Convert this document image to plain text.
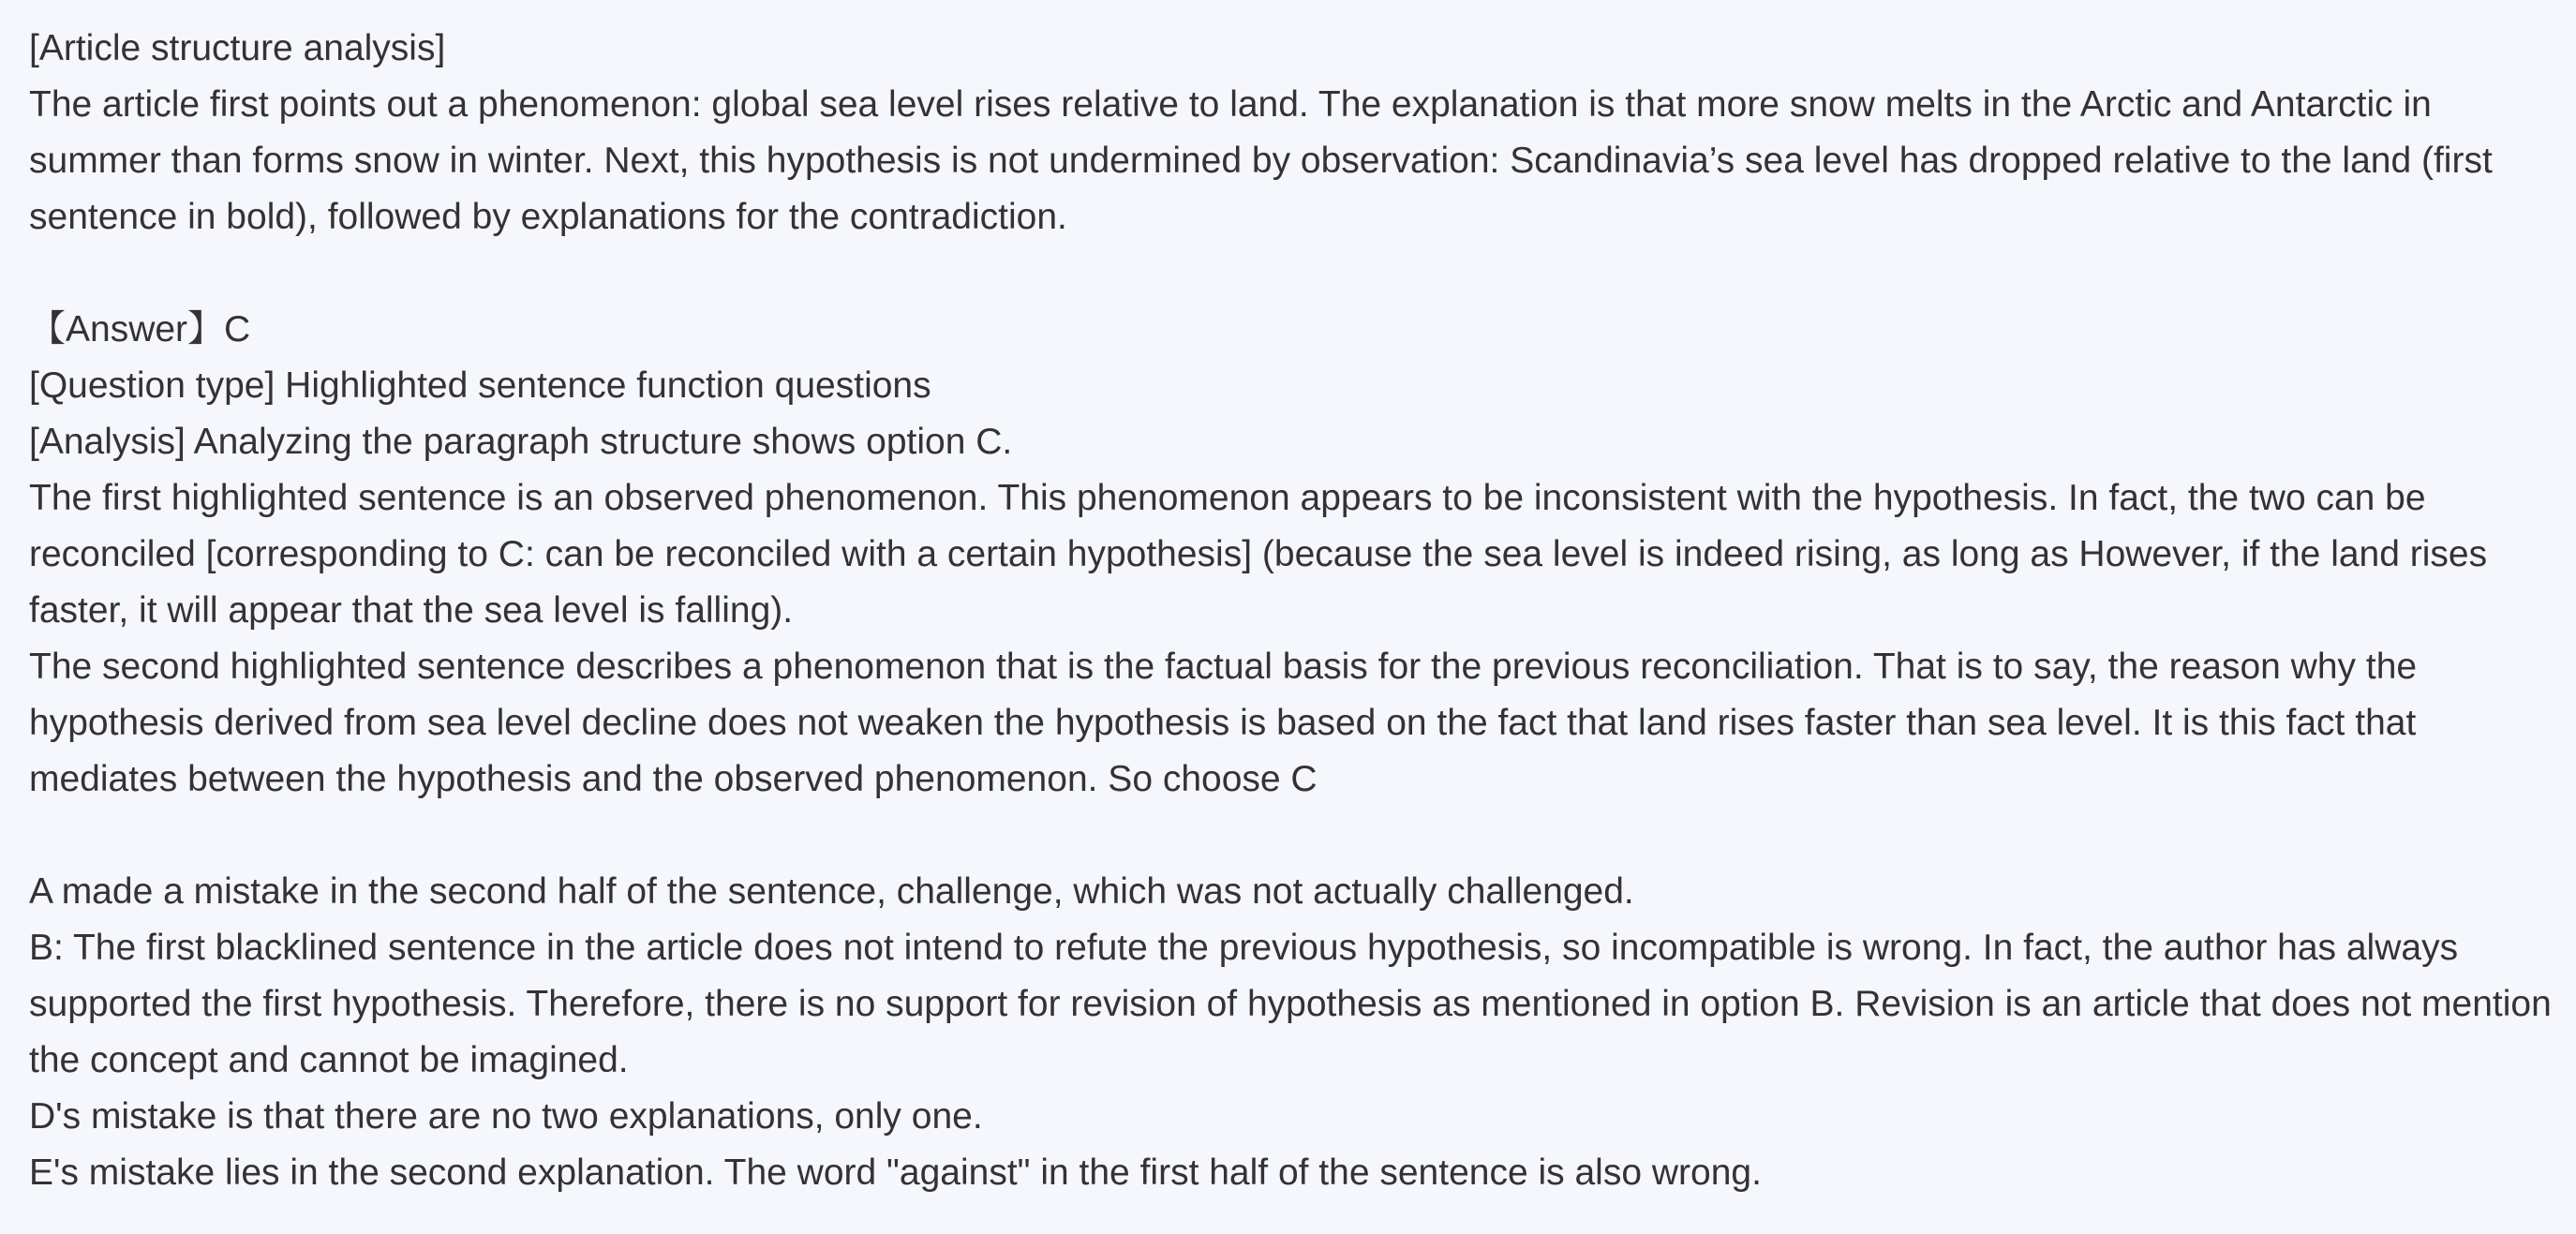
[Article structure analysis]

The article first points out a phenomenon: global sea level rises relative to land. The explanation is that more snow melts in the Arctic and Antarctic in summer than forms snow in winter. Next, this hypothesis is not undermined by observation: Scandinavia’s sea level has dropped relative to the land (first sentence in bold), followed by explanations for the contradiction.

【Answer】C

[Question type] Highlighted sentence function questions

[Analysis] Analyzing the paragraph structure shows option C.

The first highlighted sentence is an observed phenomenon. This phenomenon appears to be inconsistent with the hypothesis. In fact, the two can be reconciled [corresponding to C: can be reconciled with a certain hypothesis] (because the sea level is indeed rising, as long as However, if the land rises faster, it will appear that the sea level is falling).

The second highlighted sentence describes a phenomenon that is the factual basis for the previous reconciliation. That is to say, the reason why the hypothesis derived from sea level decline does not weaken the hypothesis is based on the fact that land rises faster than sea level. It is this fact that mediates between the hypothesis and the observed phenomenon. So choose C

A made a mistake in the second half of the sentence, challenge, which was not actually challenged.

B: The first blacklined sentence in the article does not intend to refute the previous hypothesis, so incompatible is wrong. In fact, the author has always supported the first hypothesis. Therefore, there is no support for revision of hypothesis as mentioned in option B. Revision is an article that does not mention the concept and cannot be imagined.

D's mistake is that there are no two explanations, only one.

E's mistake lies in the second explanation. The word "against" in the first half of the sentence is also wrong.
